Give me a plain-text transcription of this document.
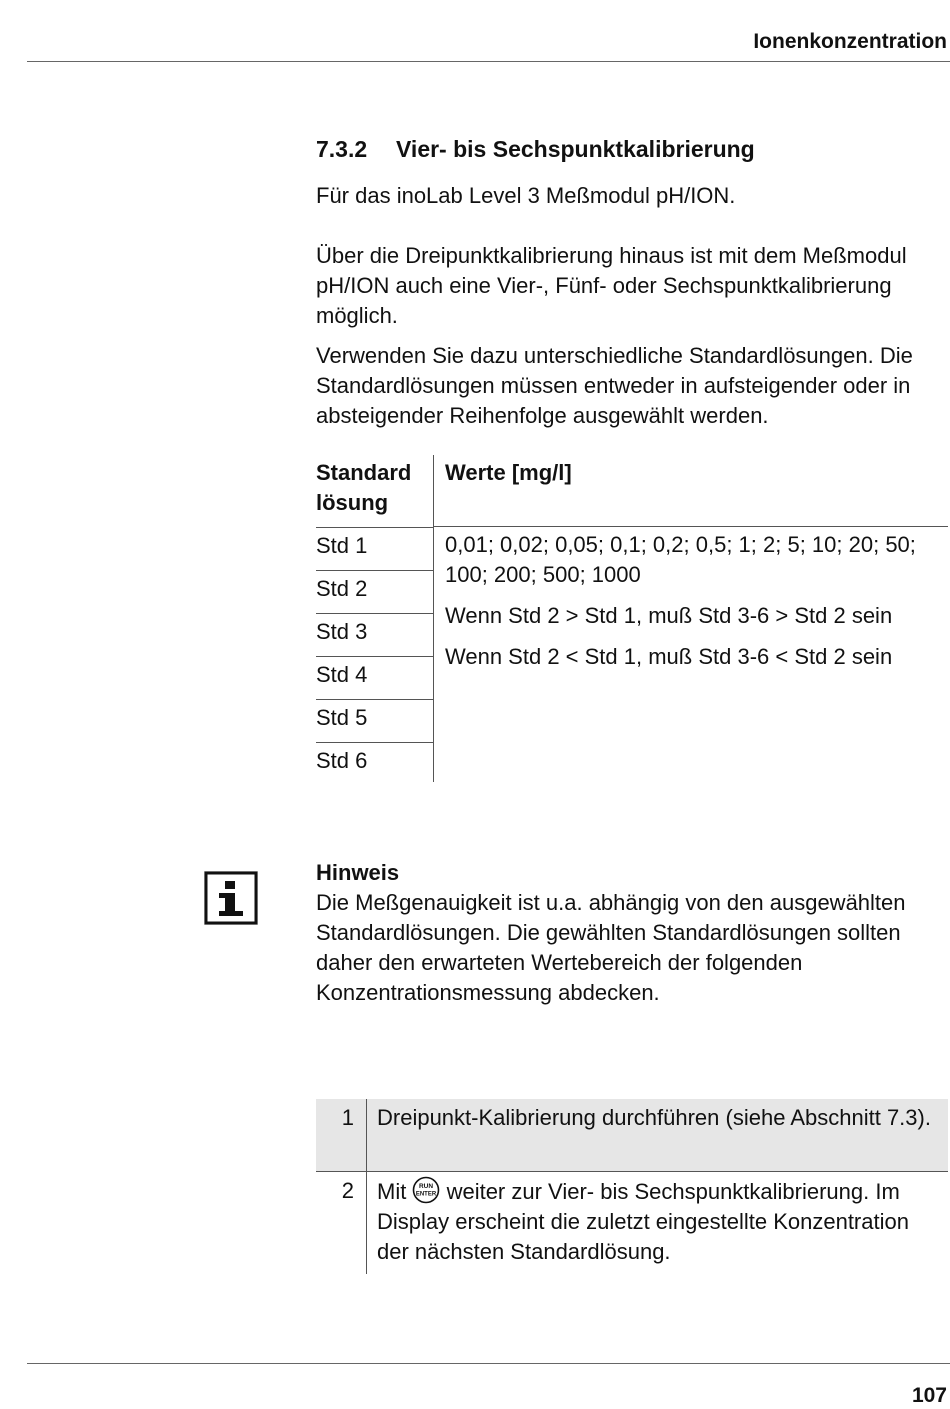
Ionenkonzentration
7.3.2 Vier- bis Sechspunktkalibrierung

Für das inoLab Level 3 Meßmodul pH/ION.

Über die Dreipunktkalibrierung hinaus ist mit dem Meßmodul pH/ION auch eine Vier-, Fünf- oder Sechspunktkalibrierung möglich.

Verwenden Sie dazu unterschiedliche Standardlösungen. Die Standardlösungen müssen entweder in aufsteigender oder in absteigender Reihenfolge ausgewählt werden.

Standard lösung
Werte [mg/l]
Std 1
Std 2
Std 3
Std 4
Std 5
Std 6
0,01; 0,02; 0,05; 0,1; 0,2; 0,5; 1; 2; 5; 10; 20; 50; 100; 200; 500; 1000
Wenn Std 2 > Std 1, muß Std 3-6 > Std 2 sein
Wenn Std 2 < Std 1, muß Std 3-6 < Std 2 sein
Hinweis
Die Meßgenauigkeit ist u.a. abhängig von den ausgewählten Standardlösungen. Die gewählten Standardlösungen sollten daher den erwarteten Wertebereich der folgenden Konzentrationsmessung abdecken.
1 Dreipunkt-Kalibrierung durchführen (siehe Abschnitt 7.3).
2 Mit RUN
ENTER weiter zur Vier- bis Sechspunktkalibrierung. Im Display erscheint die zuletzt eingestellte Konzentration der nächsten Standardlösung.
107
